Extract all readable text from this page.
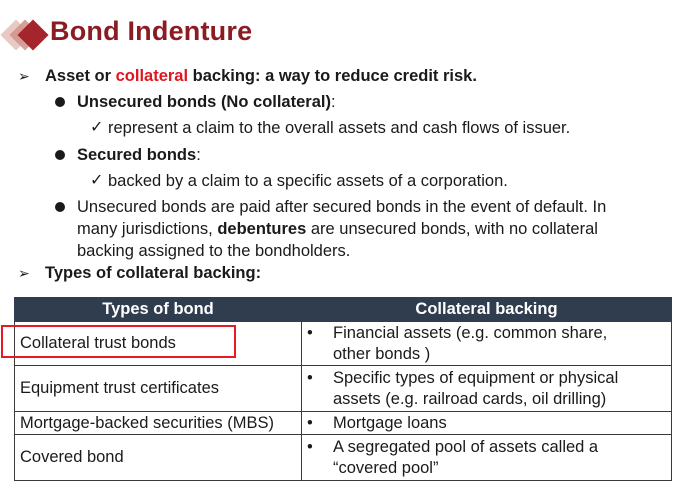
Bond Indenture
➢ Asset or collateral backing: a way to reduce credit risk.
Unsecured bonds (No collateral):
✓ represent a claim to the overall assets and cash flows of issuer.
Secured bonds:
✓ backed by a claim to a specific assets of a corporation.
Unsecured bonds are paid after secured bonds in the event of default. In
many jurisdictions, debentures are unsecured bonds, with no collateral
backing assigned to the bondholders.
➢ Types of collateral backing:
Types of bond	Collateral backing
Collateral trust bonds	• Financial assets (e.g. common share,
other bonds )
Equipment trust certificates	• Specific types of equipment or physical
assets (e.g. railroad cards, oil drilling)
Mortgage-backed securities (MBS)	• Mortgage loans
Covered bond	• A segregated pool of assets called a
“covered pool”
